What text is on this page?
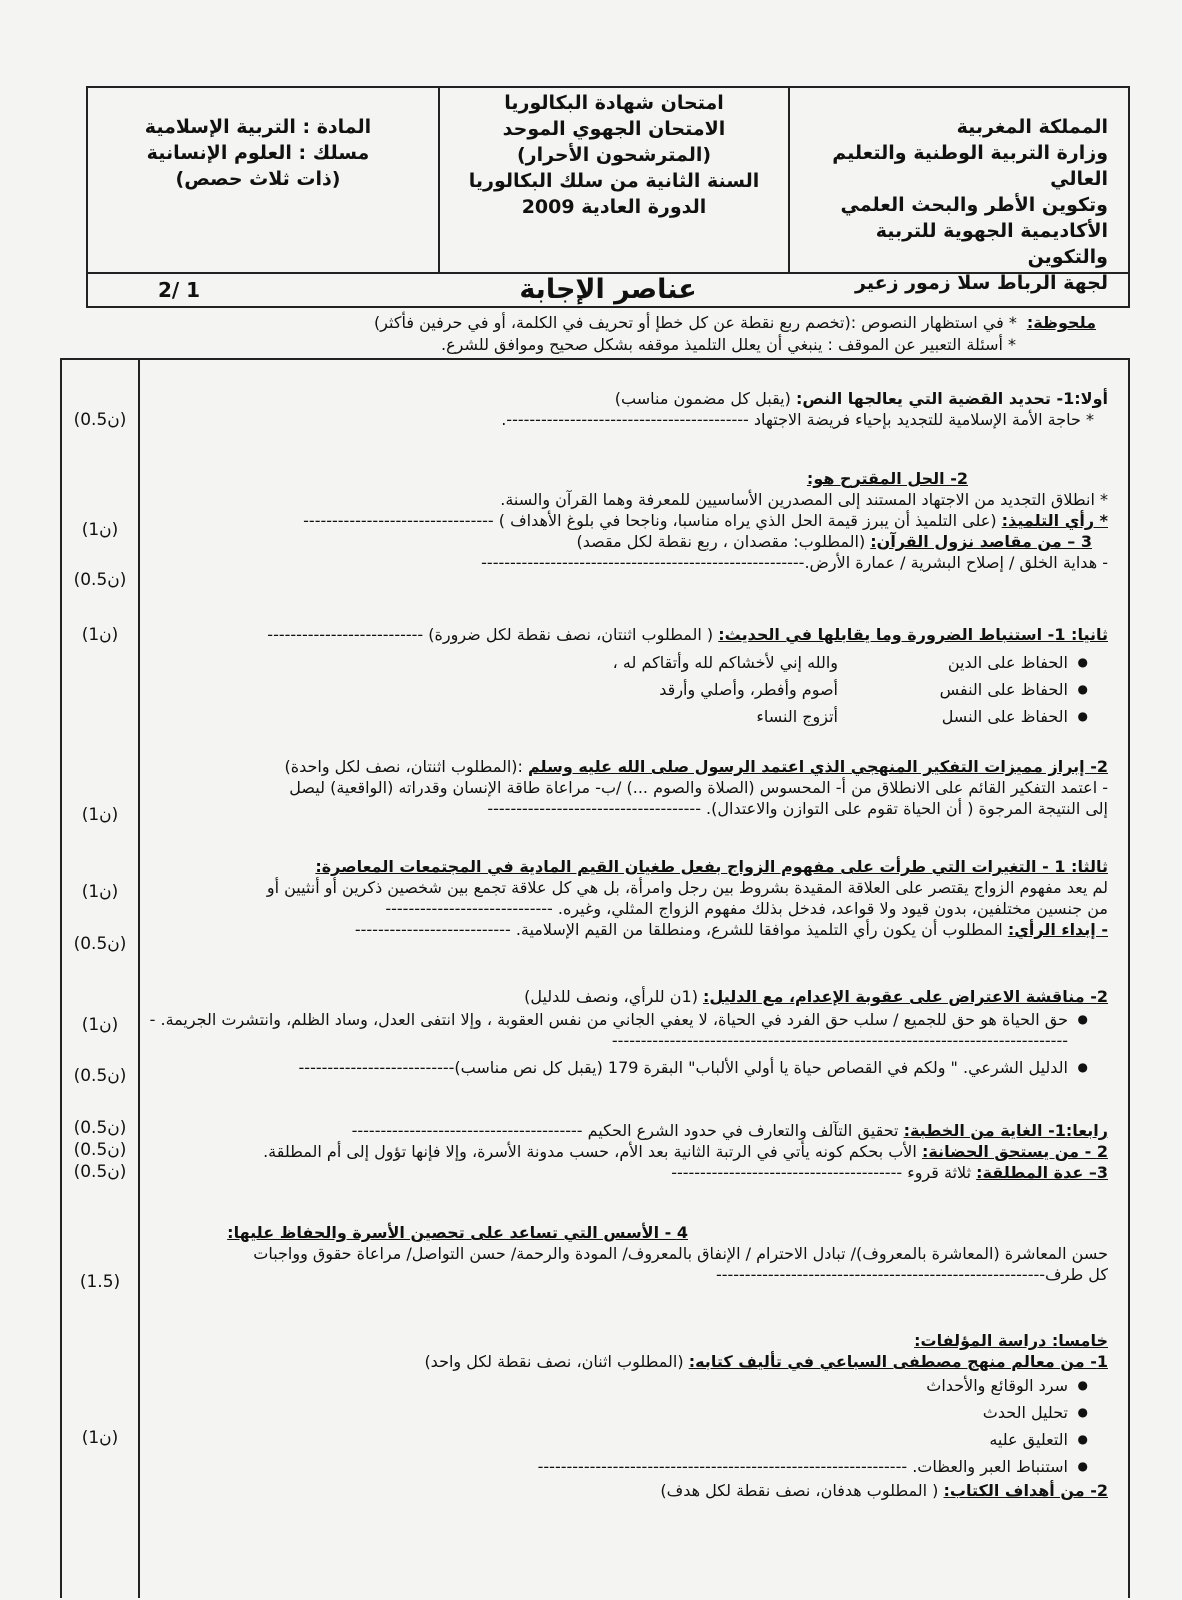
المملكة المغربية
وزارة التربية الوطنية والتعليم العالي
وتكوين الأطر والبحث العلمي
الأكاديمية الجهوية للتربية والتكوين
لجهة الرباط سلا زمور زعير
امتحان شهادة البكالوريا
الامتحان الجهوي الموحد
(المترشحون الأحرار)
السنة الثانية من سلك البكالوريا
الدورة العادية 2009
المادة : التربية الإسلامية
مسلك : العلوم الإنسانية
(ذات ثلاث حصص)
عناصر الإجابة
2/ 1
ملحوظة:* في استظهار النصوص :(تخصم ربع نقطة عن كل خطإ أو تحريف في الكلمة، أو في حرفين فأكثر)
* أسئلة التعبير عن الموقف : ينبغي أن يعلل التلميذ موقفه بشكل صحيح وموافق للشرع.
(0.5ن)
(1ن)
(0.5ن)
(1ن)
(1ن)
(1ن)
(0.5ن)
(1ن)
(0.5ن)
(0.5ن)
(0.5ن)
(0.5ن)
(1.5)
(1ن)
أولا:1- تحديد القضية التي يعالجها النص: (يقبل كل مضمون مناسب)
* حاجة الأمة الإسلامية للتجديد بإحياء فريضة الاجتهاد ------------------------------------------.
2- الحل المقترح هو:
* انطلاق التجديد من الاجتهاد المستند إلى المصدرين الأساسيين للمعرفة وهما القرآن والسنة.
* رأي التلميذ: (على التلميذ أن يبرز قيمة الحل الذي يراه مناسبا، وناجحا في بلوغ الأهداف ) ---------------------------------
3 – من مقاصد نزول القرآن: (المطلوب: مقصدان ، ربع نقطة لكل مقصد)
- هداية الخلق / إصلاح البشرية / عمارة الأرض.--------------------------------------------------------
ثانيا: 1- استنباط الضرورة وما يقابلها في الحديث: ( المطلوب اثنتان، نصف نقطة لكل ضرورة) ---------------------------
● الحفاظ على الدين
والله إني لأخشاكم لله وأتقاكم له ،
● الحفاظ على النفس
أصوم وأفطر، وأصلي وأرقد
● الحفاظ على النسل
أتزوج النساء
2- إبراز مميزات التفكير المنهجي الذي اعتمد الرسول صلى الله عليه وسلم :(المطلوب اثنتان، نصف لكل واحدة)
- اعتمد التفكير القائم على الانطلاق من أ- المحسوس (الصلاة والصوم ...) /ب- مراعاة طاقة الإنسان وقدراته (الواقعية) ليصل
إلى النتيجة المرجوة ( أن الحياة تقوم على التوازن والاعتدال). -------------------------------------
ثالثا: 1 - التغيرات التي طرأت على مفهوم الزواج بفعل طغيان القيم المادية في المجتمعات المعاصرة:
لم يعد مفهوم الزواج يقتصر على العلاقة المقيدة بشروط بين رجل وامرأة، بل هي كل علاقة تجمع بين شخصين ذكرين أو أنثيين أو
من جنسين مختلفين، بدون قيود ولا قواعد، فدخل بذلك مفهوم الزواج المثلي، وغيره. -----------------------------
- إبداء الرأي: المطلوب أن يكون رأي التلميذ موافقا للشرع، ومنطلقا من القيم الإسلامية. ---------------------------
2- مناقشة الاعتراض على عقوبة الإعدام، مع الدليل: (1ن للرأي، ونصف للدليل)
● حق الحياة هو حق للجميع / سلب حق الفرد في الحياة، لا يعفي الجاني من نفس العقوبة ، وإلا انتفى العدل، وساد الظلم، وانتشرت الجريمة. --------------------------------------------------------------------------------
● الدليل الشرعي. " ولكم في القصاص حياة يا أولي الألباب" البقرة 179 (يقبل كل نص مناسب)---------------------------
رابعا:1- الغاية من الخطبة: تحقيق التآلف والتعارف في حدود الشرع الحكيم ----------------------------------------
2 - من يستحق الحضانة: الأب بحكم كونه يأتي في الرتبة الثانية بعد الأم، حسب مدونة الأسرة، وإلا فإنها تؤول إلى أم المطلقة.
3– عدة المطلقة: ثلاثة قروء ----------------------------------------
4 - الأسس التي تساعد على تحصين الأسرة والحفاظ عليها:
حسن المعاشرة (المعاشرة بالمعروف)/ تبادل الاحترام / الإنفاق بالمعروف/ المودة والرحمة/ حسن التواصل/ مراعاة حقوق وواجبات
كل طرف---------------------------------------------------------
خامسا: دراسة المؤلفات:
1- من معالم منهج مصطفى السباعي في تأليف كتابه: (المطلوب اثنان، نصف نقطة لكل واحد)
● سرد الوقائع والأحداث
● تحليل الحدث
● التعليق عليه
● استنباط العبر والعظات. ----------------------------------------------------------------
2- من أهداف الكتاب: ( المطلوب هدفان، نصف نقطة لكل هدف)
